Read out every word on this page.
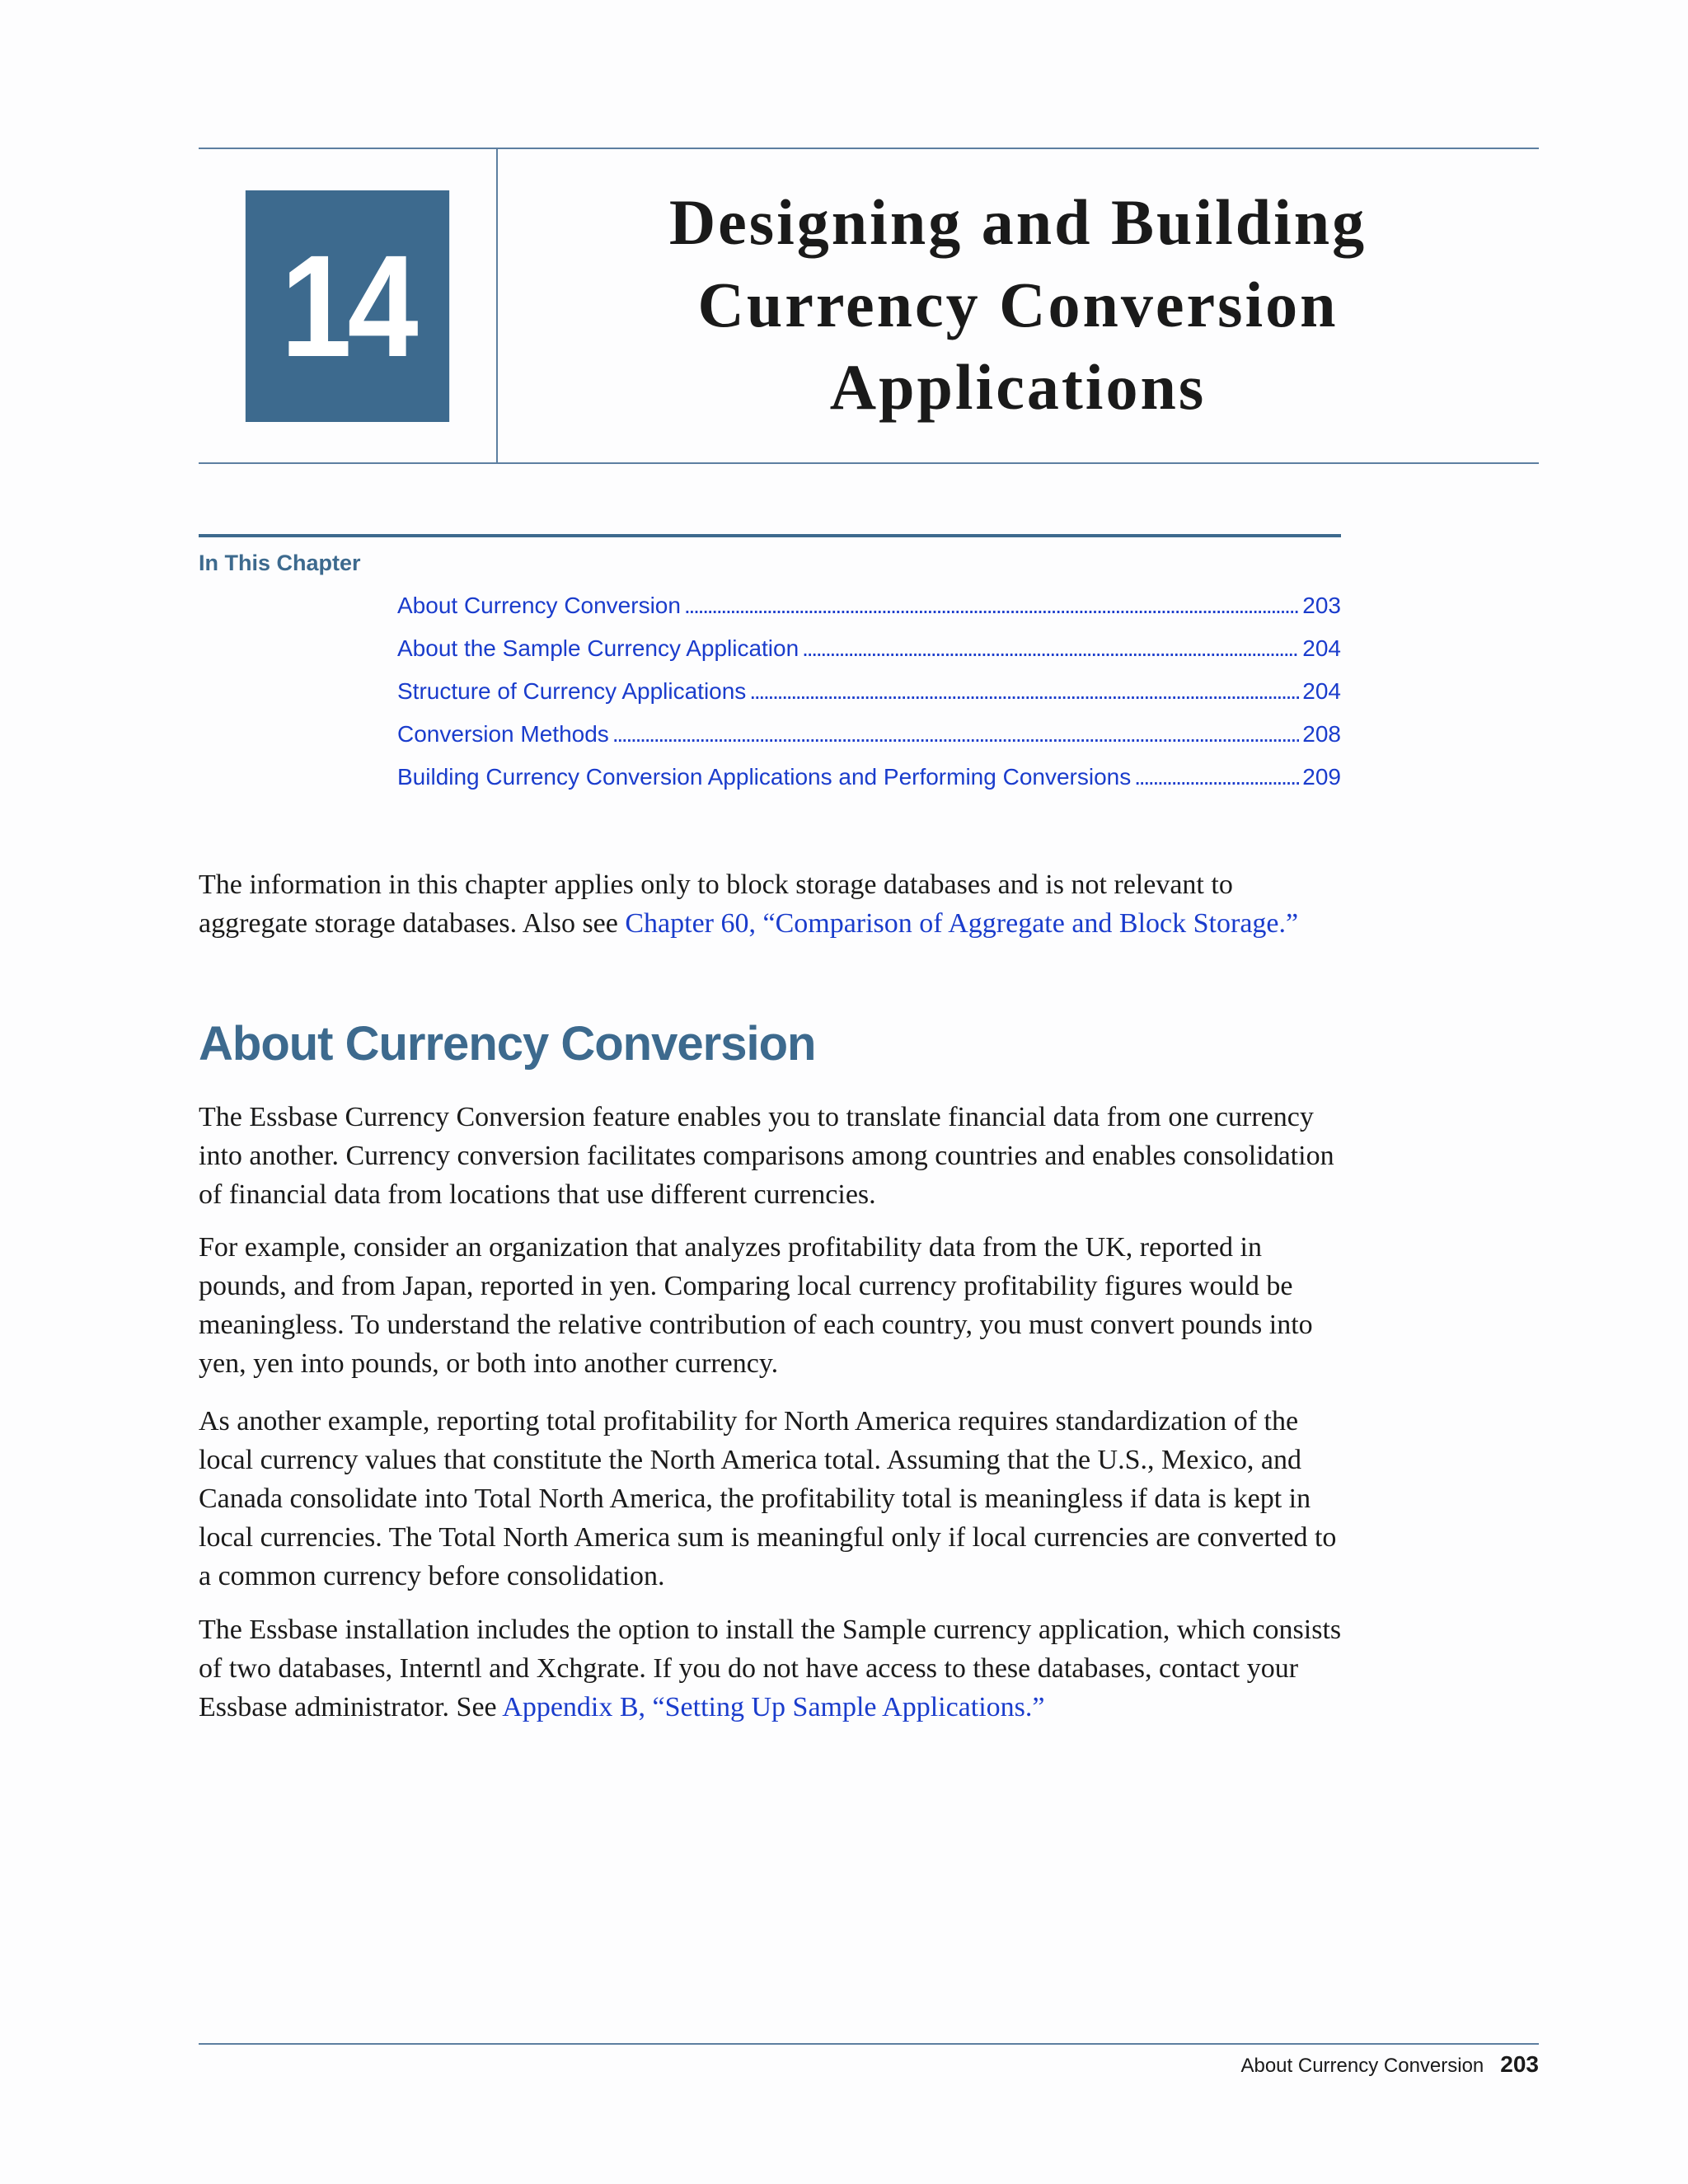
14
Designing and Building
Currency Conversion
Applications
In This Chapter
About Currency Conversion . . .	203
About the Sample Currency Application . . .	204
Structure of Currency Applications . . .	204
Conversion Methods . . .	208
Building Currency Conversion Applications and Performing Conversions . . .	209

The information in this chapter applies only to block storage databases and is not relevant to aggregate storage databases. Also see Chapter 60, “Comparison of Aggregate and Block Storage.”

About Currency Conversion

The Essbase Currency Conversion feature enables you to translate financial data from one currency into another. Currency conversion facilitates comparisons among countries and enables consolidation of financial data from locations that use different currencies.

For example, consider an organization that analyzes profitability data from the UK, reported in pounds, and from Japan, reported in yen. Comparing local currency profitability figures would be meaningless. To understand the relative contribution of each country, you must convert pounds into yen, yen into pounds, or both into another currency.

As another example, reporting total profitability for North America requires standardization of the local currency values that constitute the North America total. Assuming that the U.S., Mexico, and Canada consolidate into Total North America, the profitability total is meaningless if data is kept in local currencies. The Total North America sum is meaningful only if local currencies are converted to a common currency before consolidation.

The Essbase installation includes the option to install the Sample currency application, which consists of two databases, Interntl and Xchgrate. If you do not have access to these databases, contact your Essbase administrator. See Appendix B, “Setting Up Sample Applications.”

About Currency Conversion 203
